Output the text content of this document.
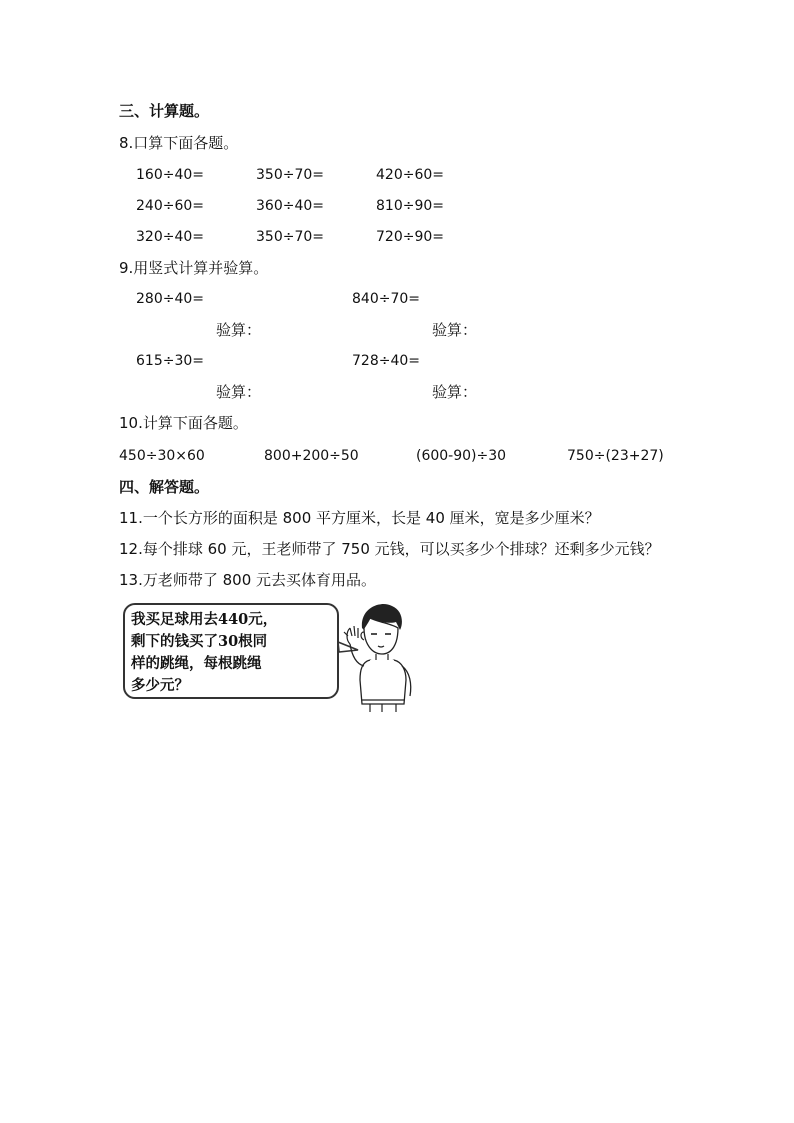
三、计算题。
8.口算下面各题。
160÷40=	350÷70=	420÷60=
240÷60=	360÷40=	810÷90=
320÷40=	350÷70=	720÷90=
9.用竖式计算并验算。
280÷40=	840÷70=
验算：	验算：
615÷30=	728÷40=
验算：	验算：
10.计算下面各题。
450÷30×60	800+200÷50	(600-90)÷30	750÷(23+27)
四、解答题。
11.一个长方形的面积是 800 平方厘米，长是 40 厘米，宽是多少厘米？
12.每个排球 60 元，王老师带了 750 元钱，可以买多少个排球？还剩多少元钱？
13.万老师带了 800 元去买体育用品。
我买足球用去440元，
剩下的钱买了30根同
样的跳绳，每根跳绳
多少元？
